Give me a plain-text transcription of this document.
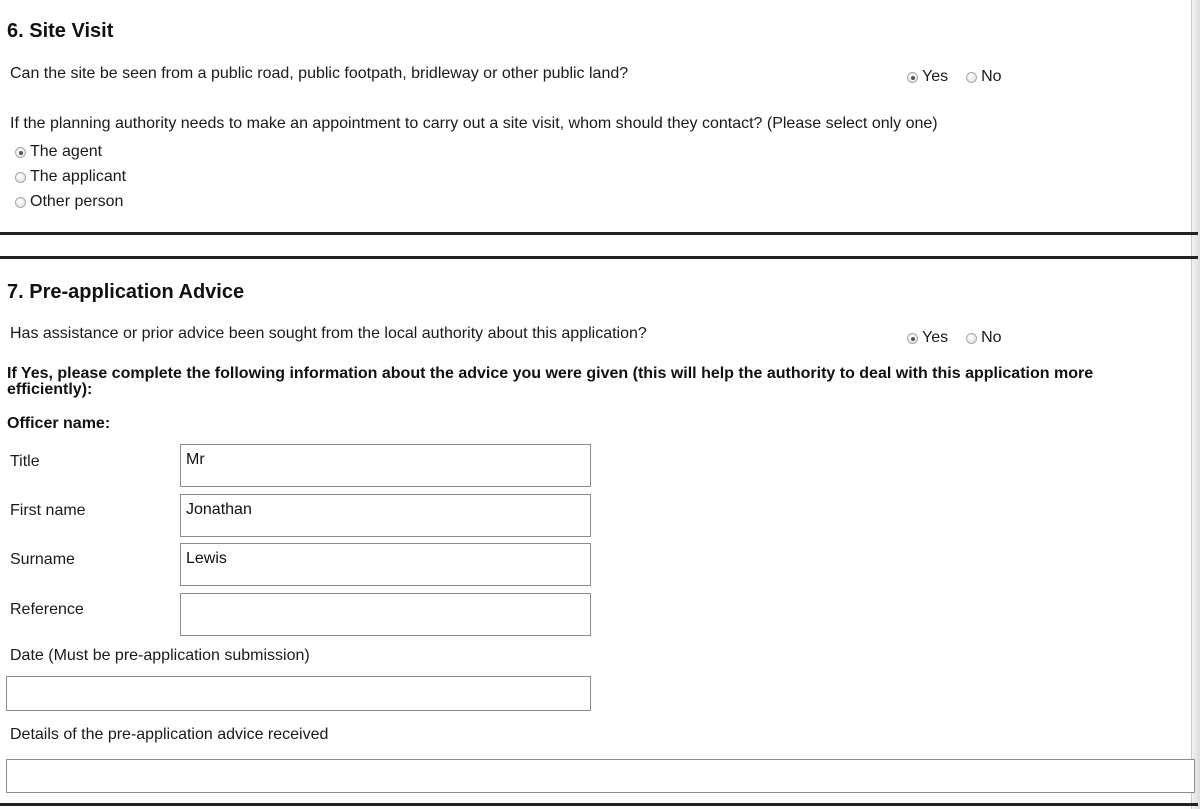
6. Site Visit
Can the site be seen from a public road, public footpath, bridleway or other public land?	Yes No
If the planning authority needs to make an appointment to carry out a site visit, whom should they contact? (Please select only one)
The agent
The applicant
Other person
7. Pre-application Advice
Has assistance or prior advice been sought from the local authority about this application?	Yes No
If Yes, please complete the following information about the advice you were given (this will help the authority to deal with this application more efficiently):
Officer name:
Title	Mr
First name	Jonathan
Surname	Lewis
Reference
Date (Must be pre-application submission)
Details of the pre-application advice received
